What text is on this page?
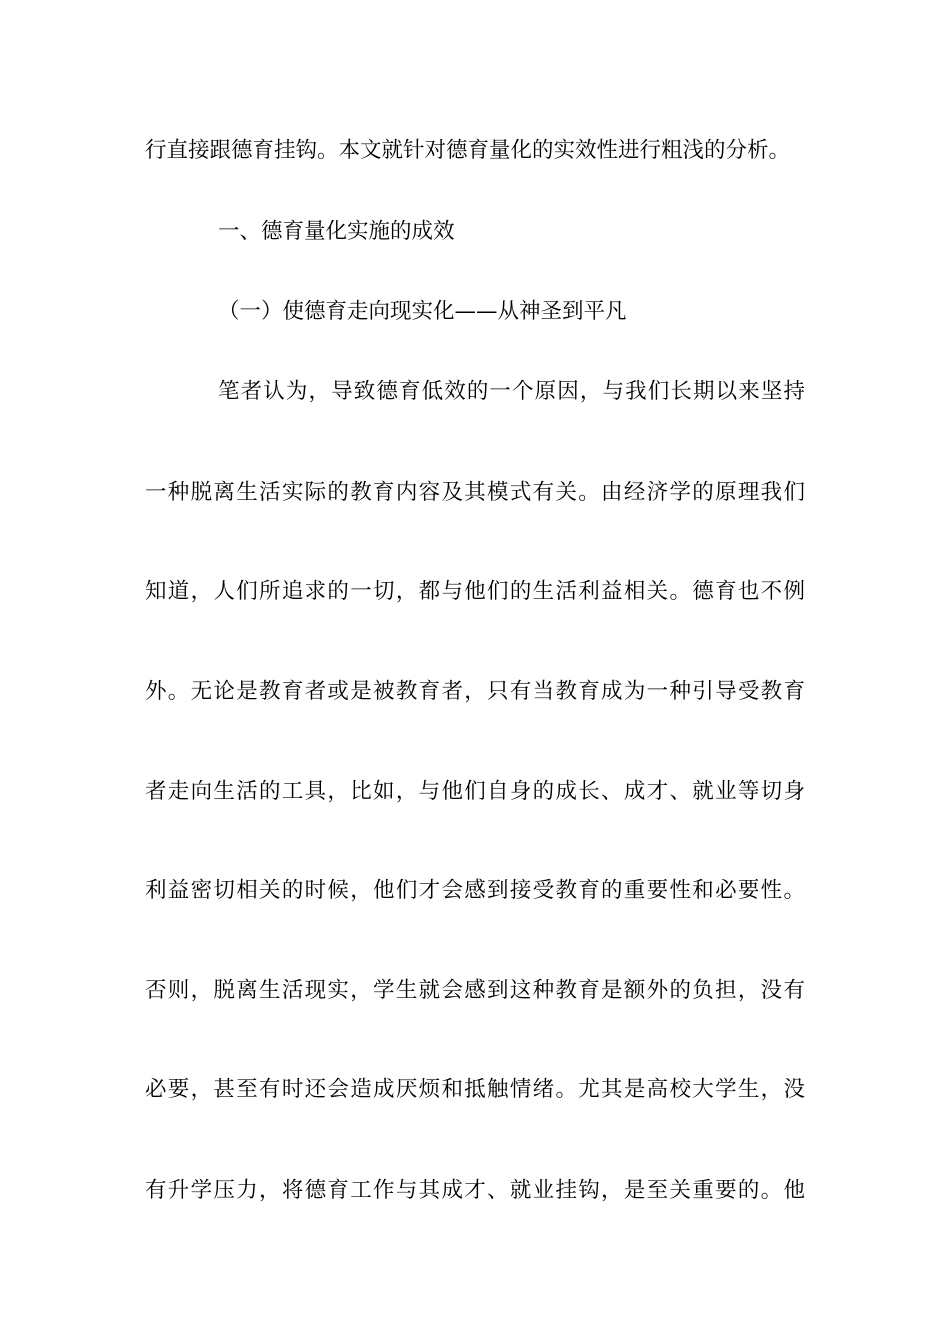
行直接跟德育挂钩。本文就针对德育量化的实效性进行粗浅的分析。
一、德育量化实施的成效
（一）使德育走向现实化——从神圣到平凡
笔者认为，导致德育低效的一个原因，与我们长期以来坚持
一种脱离生活实际的教育内容及其模式有关。由经济学的原理我们
知道，人们所追求的一切，都与他们的生活利益相关。德育也不例
外。无论是教育者或是被教育者，只有当教育成为一种引导受教育
者走向生活的工具，比如，与他们自身的成长、成才、就业等切身
利益密切相关的时候，他们才会感到接受教育的重要性和必要性。
否则，脱离生活现实，学生就会感到这种教育是额外的负担，没有
必要，甚至有时还会造成厌烦和抵触情绪。尤其是高校大学生，没
有升学压力，将德育工作与其成才、就业挂钩，是至关重要的。他
